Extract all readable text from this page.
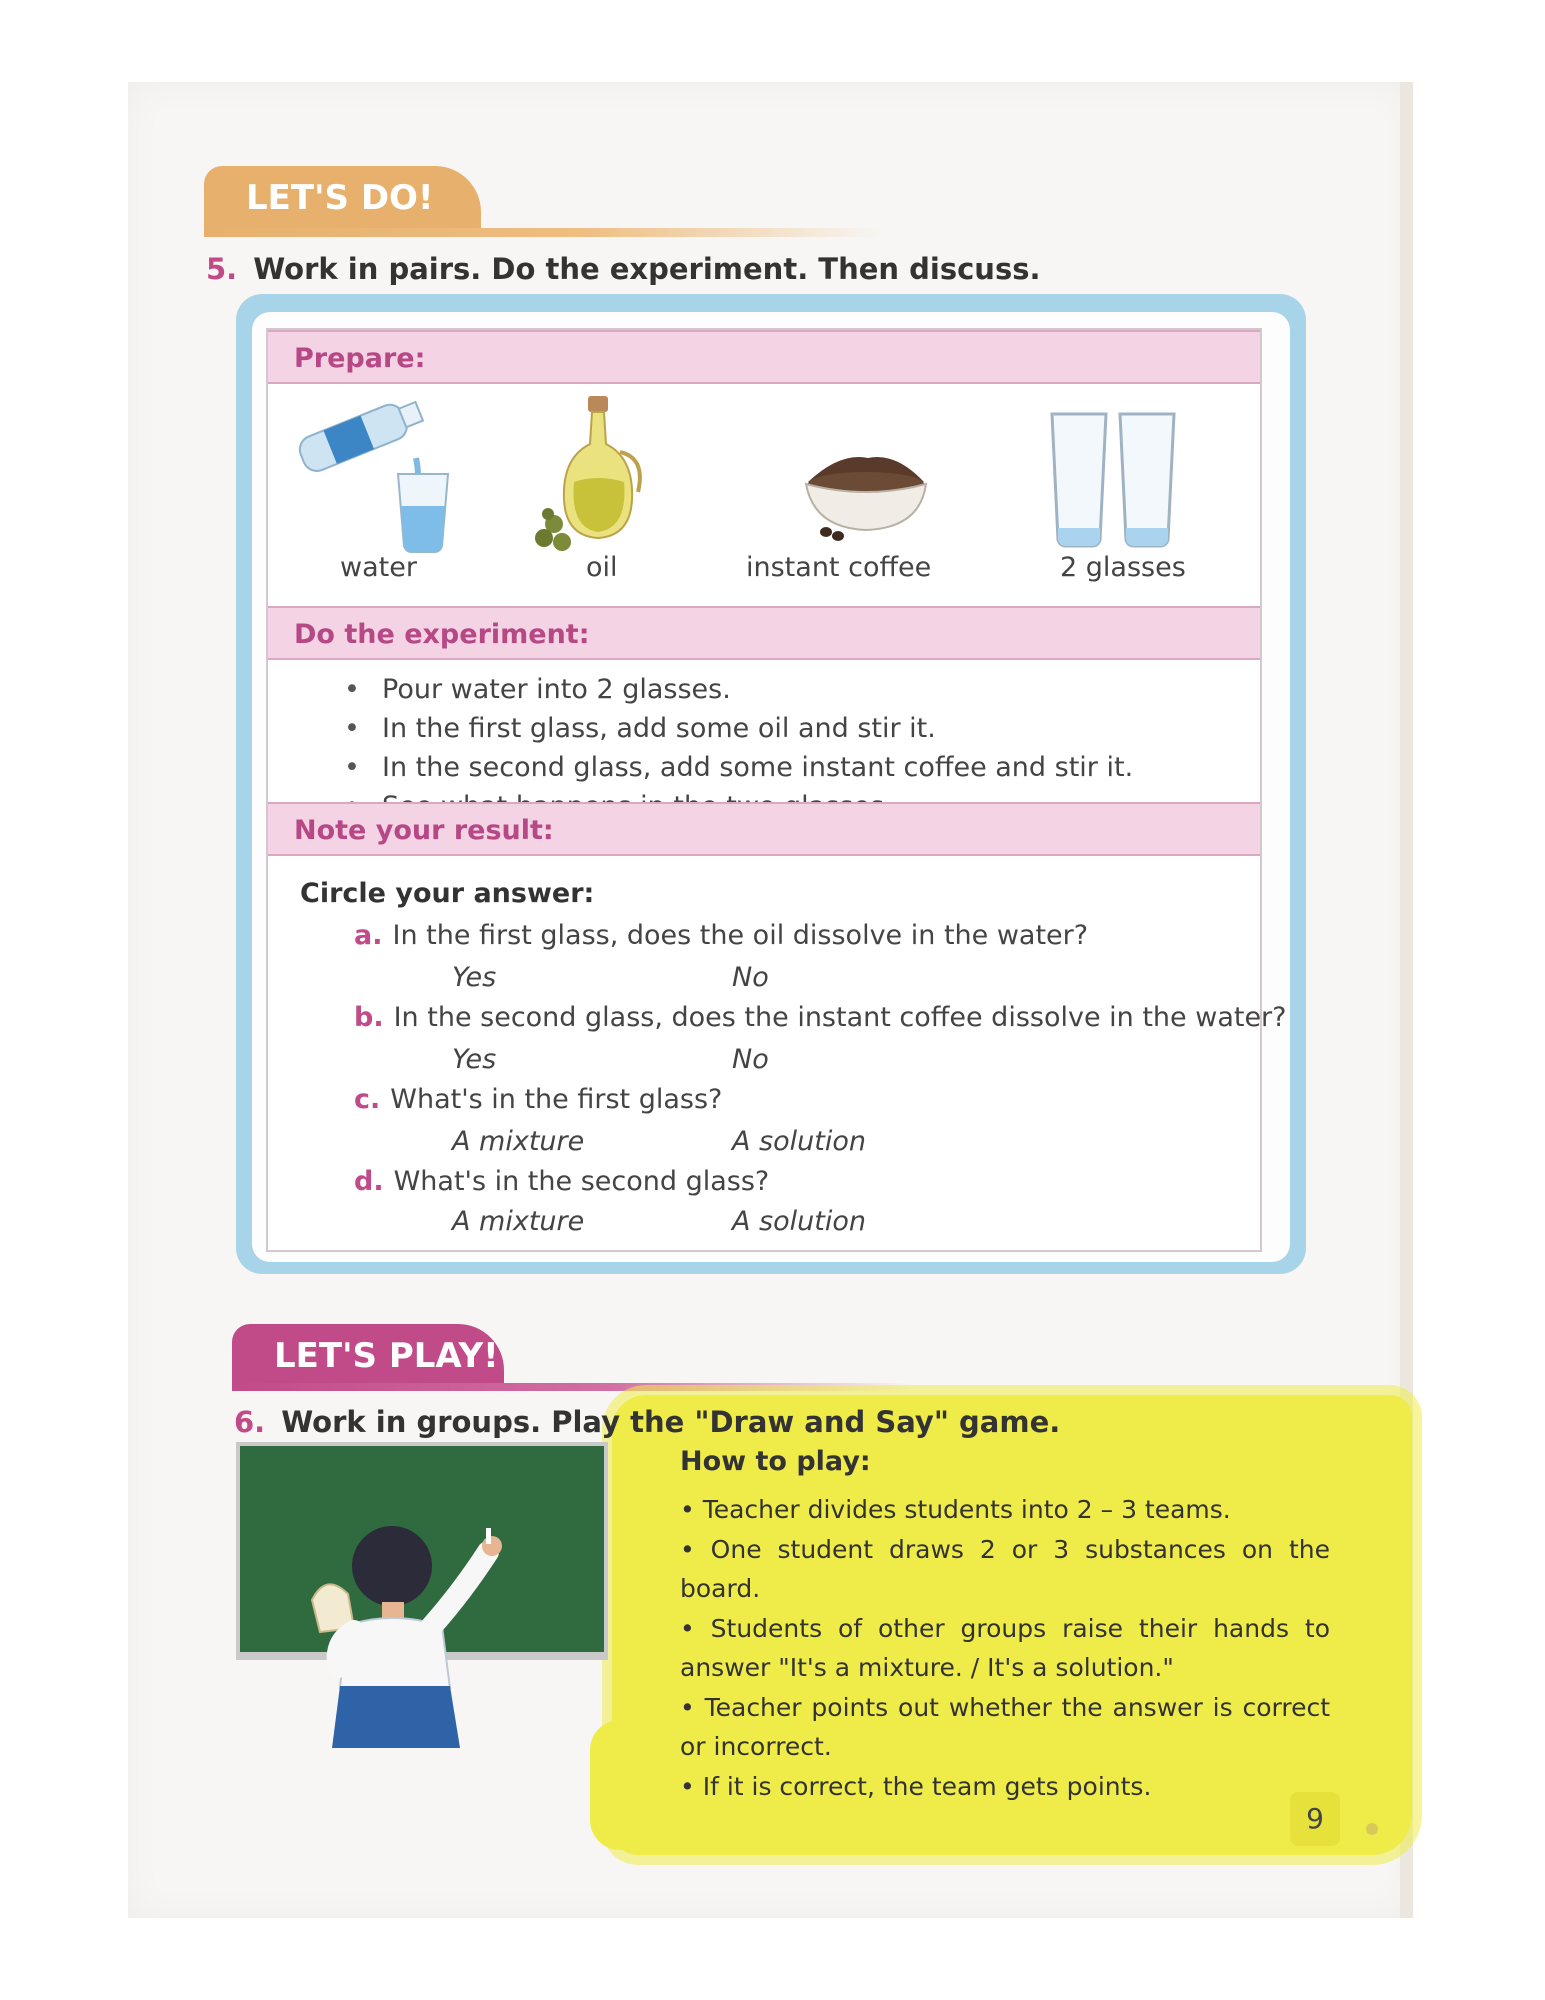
LET'S DO!
5. Work in pairs. Do the experiment. Then discuss.
Prepare:
water	oil	instant coffee	2 glasses
Do the experiment:
• Pour water into 2 glasses.
• In the first glass, add some oil and stir it.
• In the second glass, add some instant coffee and stir it.
•
Note your result:
Circle your answer:
a. In the first glass, does the oil dissolve in the water?
Yes	No
b. In the second glass, does the instant coffee dissolve in the water?
Yes	No
c. What's in the first glass?
A mixture	A solution
d. What's in the second glass?
A mixture	A solution
LET'S PLAY!
6. Work in groups. Play the "Draw and Say" game.
How to play:

• Teacher divides students into 2 – 3 teams.

• One student draws 2 or 3 substances on the board.

• Students of other groups raise their hands to answer "It's a mixture. / It's a solution."

• Teacher points out whether the answer is correct or incorrect.

• If it is correct, the team gets points.

9
